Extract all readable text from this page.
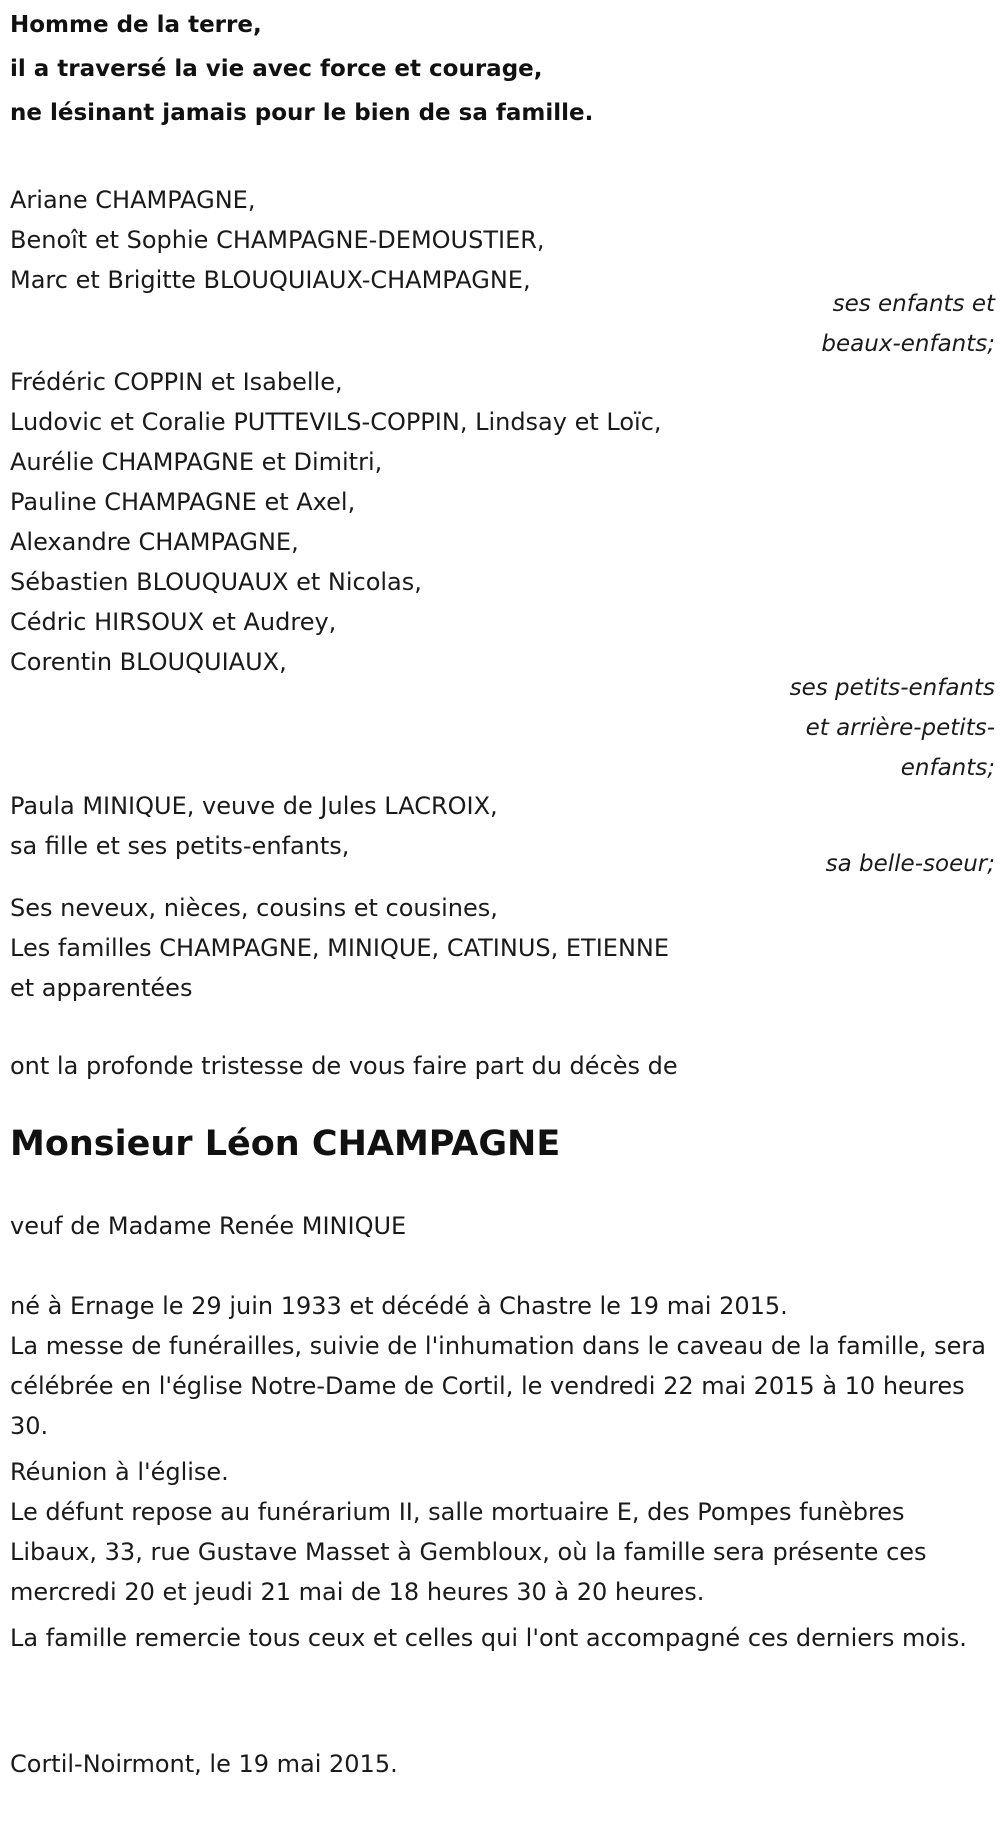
Homme de la terre,

il a traversé la vie avec force et courage,

ne lésinant jamais pour le bien de sa famille.

Ariane CHAMPAGNE,

Benoît et Sophie CHAMPAGNE-DEMOUSTIER,

Marc et Brigitte BLOUQUIAUX-CHAMPAGNE,

ses enfants et

beaux-enfants;

Frédéric COPPIN et Isabelle,

Ludovic et Coralie PUTTEVILS-COPPIN, Lindsay et Loïc,

Aurélie CHAMPAGNE et Dimitri,

Pauline CHAMPAGNE et Axel,

Alexandre CHAMPAGNE,

Sébastien BLOUQUAUX et Nicolas,

Cédric HIRSOUX et Audrey,

Corentin BLOUQUIAUX,

ses petits-enfants

et arrière-petits-

enfants;

Paula MINIQUE, veuve de Jules LACROIX,

sa fille et ses petits-enfants,

sa belle-soeur;

Ses neveux, nièces, cousins et cousines,

Les familles CHAMPAGNE, MINIQUE, CATINUS, ETIENNE

et apparentées

ont la profonde tristesse de vous faire part du décès de

Monsieur Léon CHAMPAGNE

veuf de Madame Renée MINIQUE

né à Ernage le 29 juin 1933 et décédé à Chastre le 19 mai 2015.

La messe de funérailles, suivie de l'inhumation dans le caveau de la famille, sera célébrée en l'église Notre-Dame de Cortil, le vendredi 22 mai 2015 à 10 heures 30.

Réunion à l'église.

Le défunt repose au funérarium II, salle mortuaire E, des Pompes funèbres Libaux, 33, rue Gustave Masset à Gembloux, où la famille sera présente ces mercredi 20 et jeudi 21 mai de 18 heures 30 à 20 heures.

La famille remercie tous ceux et celles qui l'ont accompagné ces derniers mois.

Cortil-Noirmont, le 19 mai 2015.
